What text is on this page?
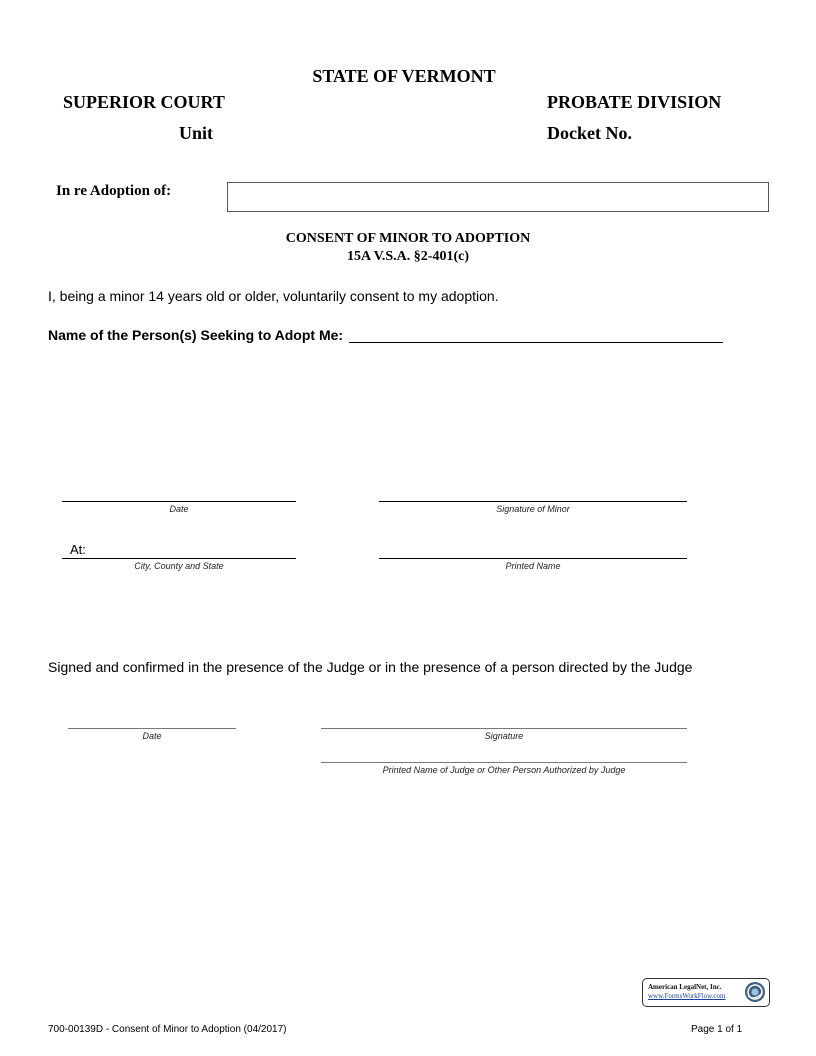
STATE OF VERMONT
SUPERIOR COURT	PROBATE DIVISION
Unit	Docket No.
In re Adoption of:
CONSENT OF MINOR TO ADOPTION
15A V.S.A. §2-401(c)
I, being a minor 14 years old or older, voluntarily consent to my adoption.
Name of the Person(s) Seeking to Adopt Me:
Date	Signature of Minor
At:
City, County and State	Printed Name
Signed and confirmed in the presence of the Judge or in the presence of a person directed by the Judge
Date	Signature
Printed Name of Judge or Other Person Authorized by Judge
American LegalNet, Inc.
www.FormsWorkFlow.com
700-00139D - Consent of Minor to Adoption (04/2017)	Page 1 of 1
